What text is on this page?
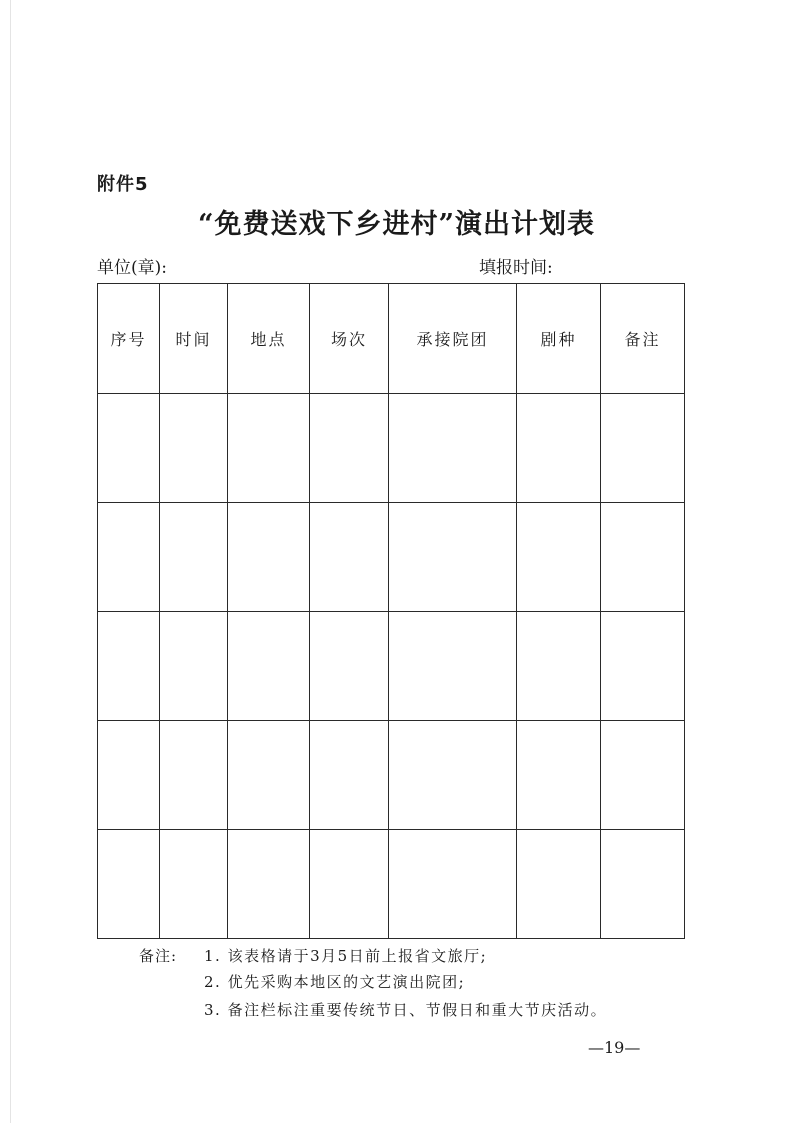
附件5
“免费送戏下乡进村”演出计划表
单位(章):	填报时间:
序号	时间	地点	场次	承接院团	剧种	备注

备注: 1. 该表格请于3月5日前上报省文旅厅;
2. 优先采购本地区的文艺演出院团;
3. 备注栏标注重要传统节日、节假日和重大节庆活动。
—19—
